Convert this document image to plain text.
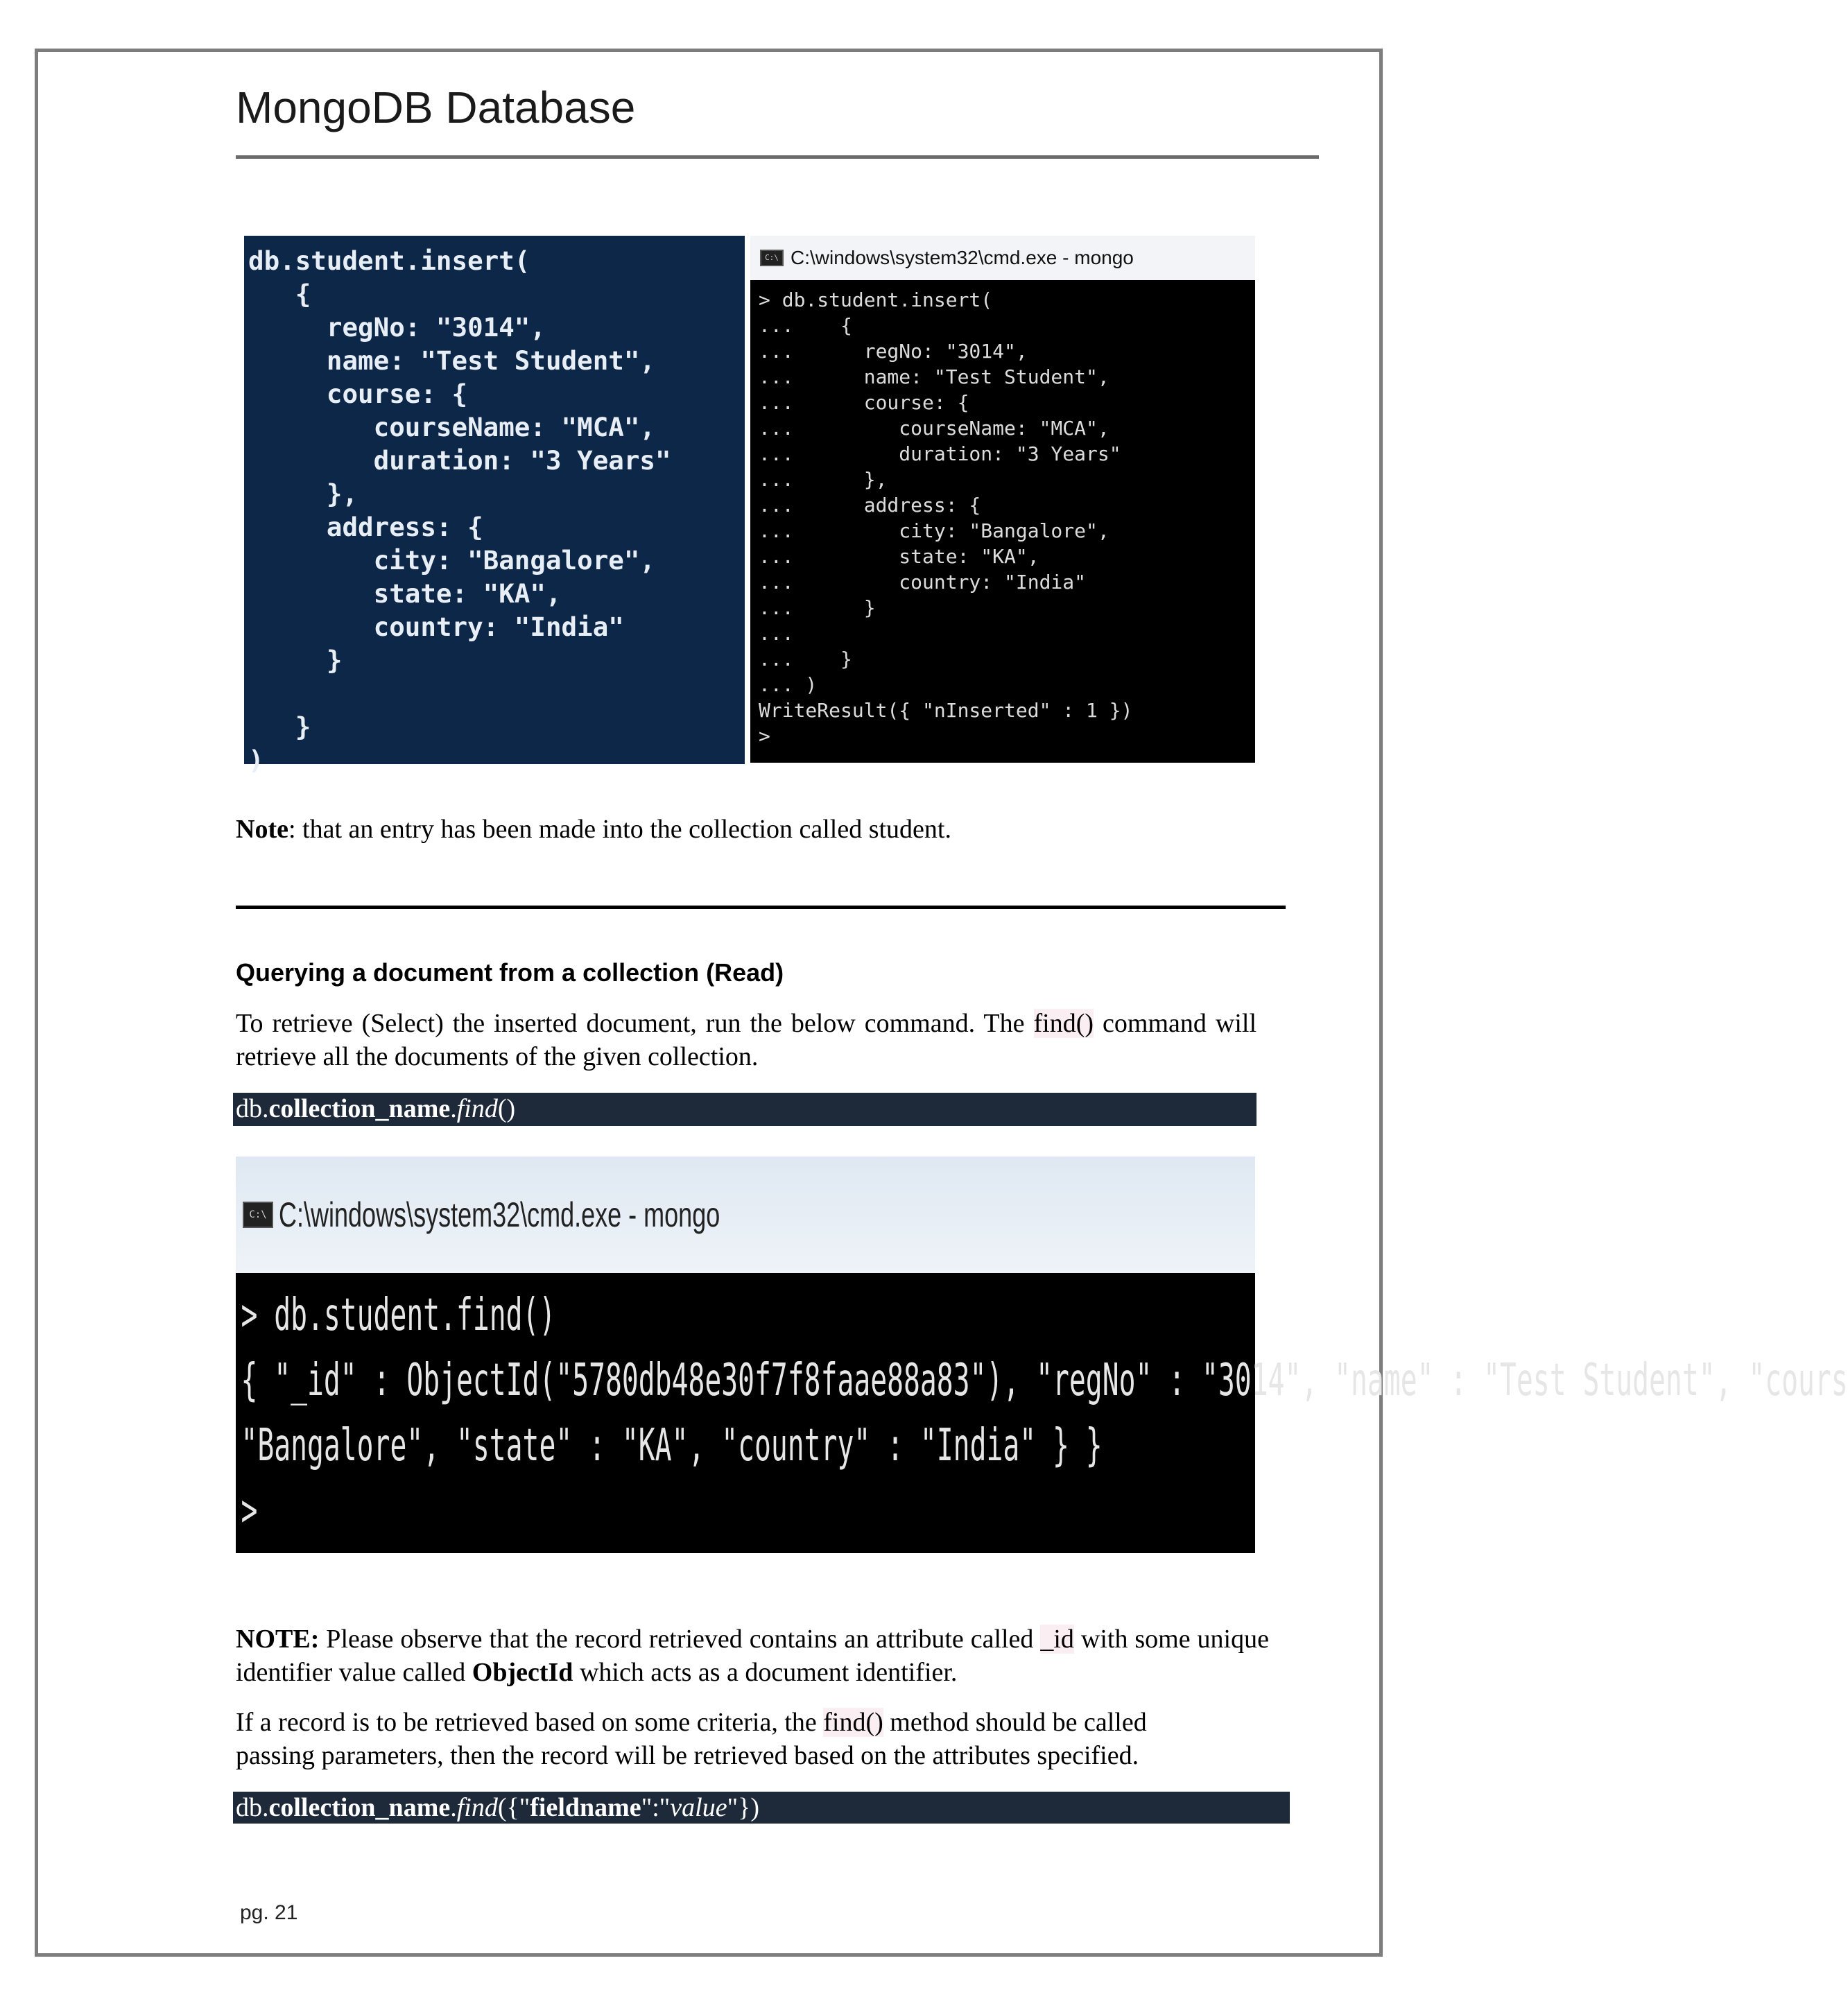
MongoDB Database
db.student.insert(
{
regNo: "3014",
name: "Test Student",
course: {
courseName: "MCA",
duration: "3 Years"
},
address: {
city: "Bangalore",
state: "KA",
country: "India"
}

}
)
C:\ C:\windows\system32\cmd.exe - mongo
> db.student.insert(
...    {
...      regNo: "3014",
...      name: "Test Student",
...      course: {
...         courseName: "MCA",
...         duration: "3 Years"
...      },
...      address: {
...         city: "Bangalore",
...         state: "KA",
...         country: "India"
...      }
...
...    }
... )
WriteResult({ "nInserted" : 1 })
>
Note: that an entry has been made into the collection called student.
Querying a document from a collection (Read)
To retrieve (Select) the inserted document, run the below command. The find() command will retrieve all the documents of the given collection.
db.collection_name.find()
C:\ C:\windows\system32\cmd.exe - mongo
> db.student.find()
{ "_id" : ObjectId("5780db48e30f7f8faae88a83"), "regNo" : "3014", "name" : "Test Student", "cours
"Bangalore", "state" : "KA", "country" : "India" } }
>
NOTE: Please observe that the record retrieved contains an attribute called _id with some unique identifier value called ObjectId which acts as a document identifier.
If a record is to be retrieved based on some criteria, the find() method should be called passing parameters, then the record will be retrieved based on the attributes specified.
db.collection_name.find({"fieldname":"value"})
pg. 21
